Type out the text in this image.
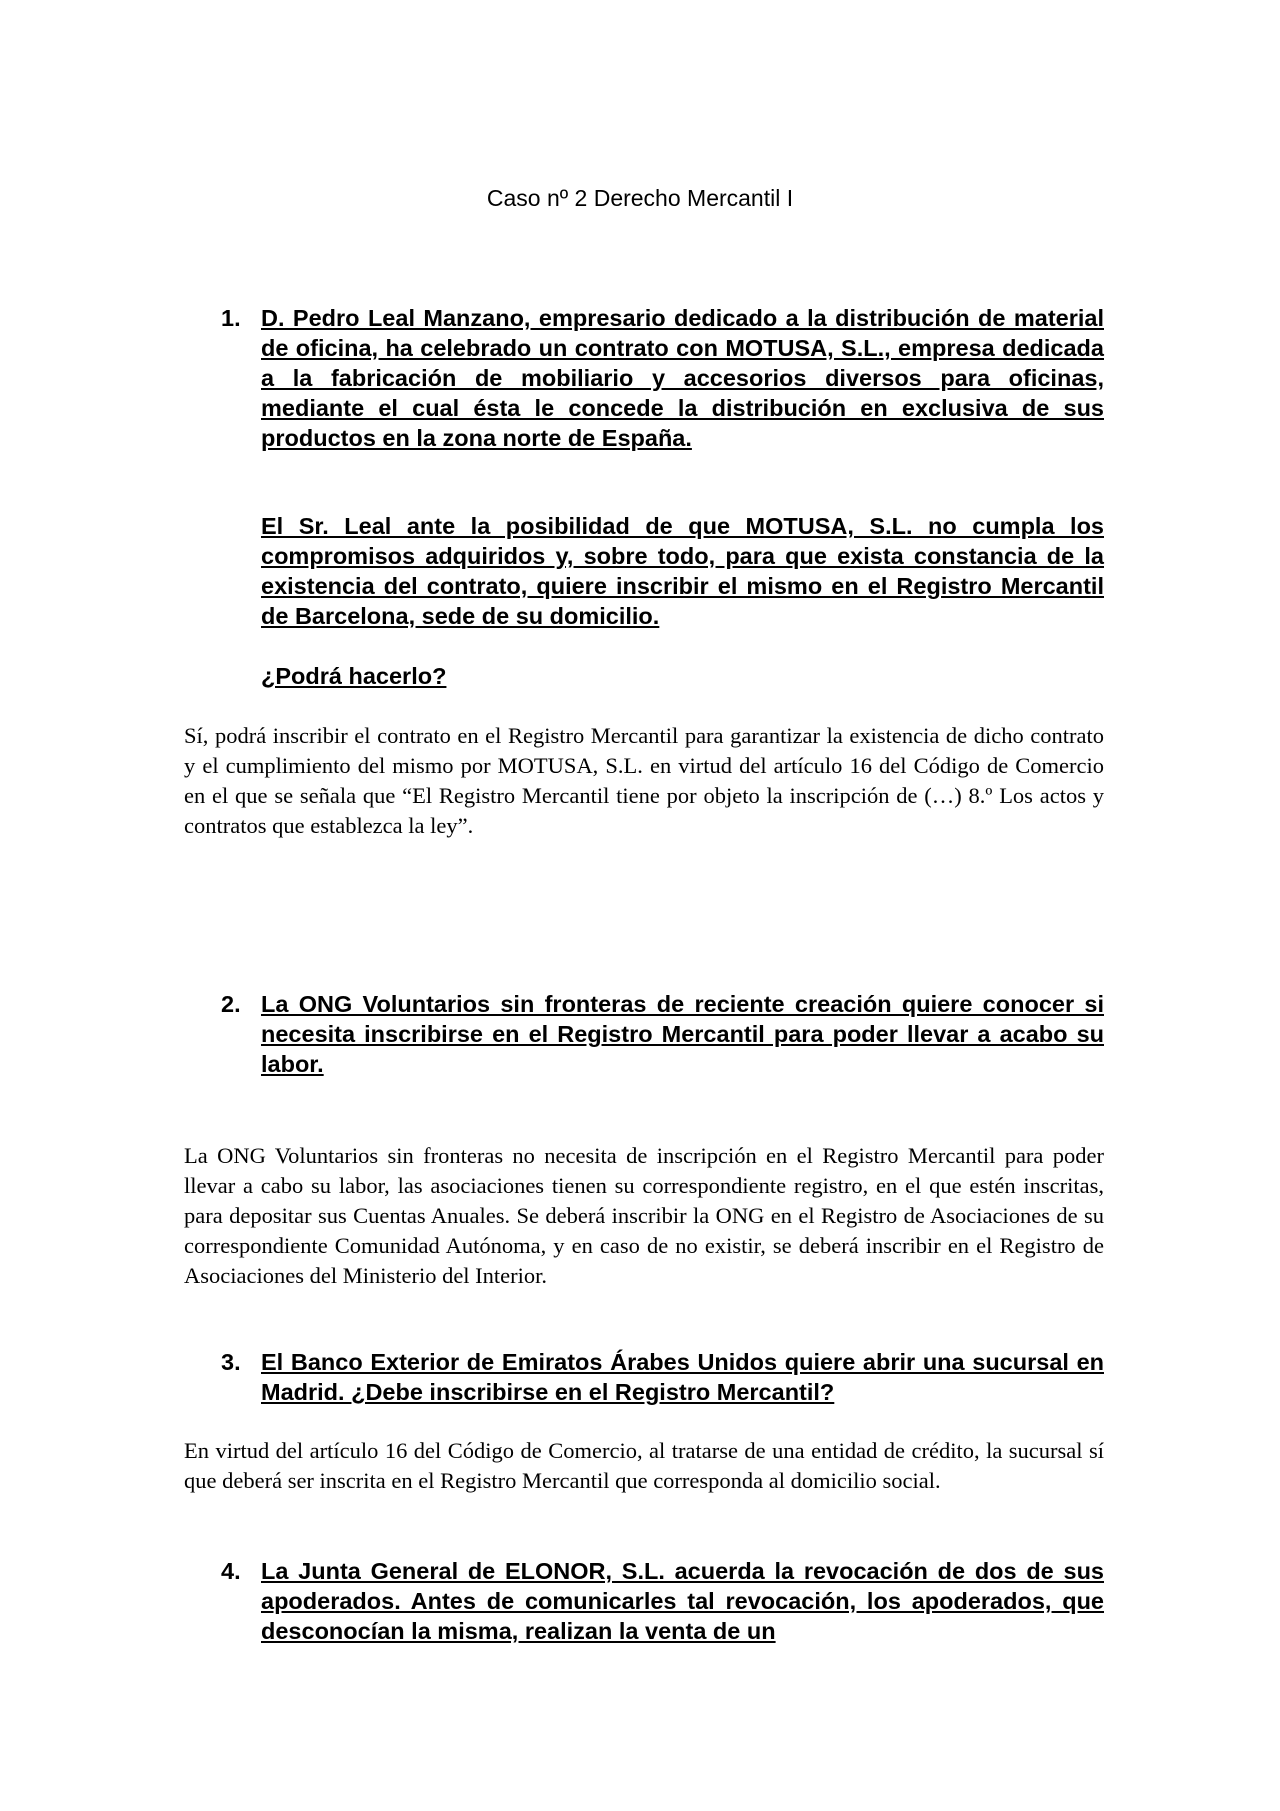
Caso nº 2 Derecho Mercantil I
1. D. Pedro Leal Manzano, empresario dedicado a la distribución de material de oficina, ha celebrado un contrato con MOTUSA, S.L., empresa dedicada a la fabricación de mobiliario y accesorios diversos para oficinas, mediante el cual ésta le concede la distribución en exclusiva de sus productos en la zona norte de España.
El Sr. Leal ante la posibilidad de que MOTUSA, S.L. no cumpla los compromisos adquiridos y, sobre todo, para que exista constancia de la existencia del contrato, quiere inscribir el mismo en el Registro Mercantil de Barcelona, sede de su domicilio.
¿Podrá hacerlo?
Sí, podrá inscribir el contrato en el Registro Mercantil para garantizar la existencia de dicho contrato y el cumplimiento del mismo por MOTUSA, S.L. en virtud del artículo 16 del Código de Comercio en el que se señala que “El Registro Mercantil tiene por objeto la inscripción de (…) 8.º Los actos y contratos que establezca la ley”.
2. La ONG Voluntarios sin fronteras de reciente creación quiere conocer si necesita inscribirse en el Registro Mercantil para poder llevar a acabo su labor.
La ONG Voluntarios sin fronteras no necesita de inscripción en el Registro Mercantil para poder llevar a cabo su labor, las asociaciones tienen su correspondiente registro, en el que estén inscritas, para depositar sus Cuentas Anuales. Se deberá inscribir la ONG en el Registro de Asociaciones de su correspondiente Comunidad Autónoma, y en caso de no existir, se deberá inscribir en el Registro de Asociaciones del Ministerio del Interior.
3. El Banco Exterior de Emiratos Árabes Unidos quiere abrir una sucursal en Madrid. ¿Debe inscribirse en el Registro Mercantil?
En virtud del artículo 16 del Código de Comercio, al tratarse de una entidad de crédito, la sucursal sí que deberá ser inscrita en el Registro Mercantil que corresponda al domicilio social.
4. La Junta General de ELONOR, S.L. acuerda la revocación de dos de sus apoderados. Antes de comunicarles tal revocación, los apoderados, que desconocían la misma, realizan la venta de un
